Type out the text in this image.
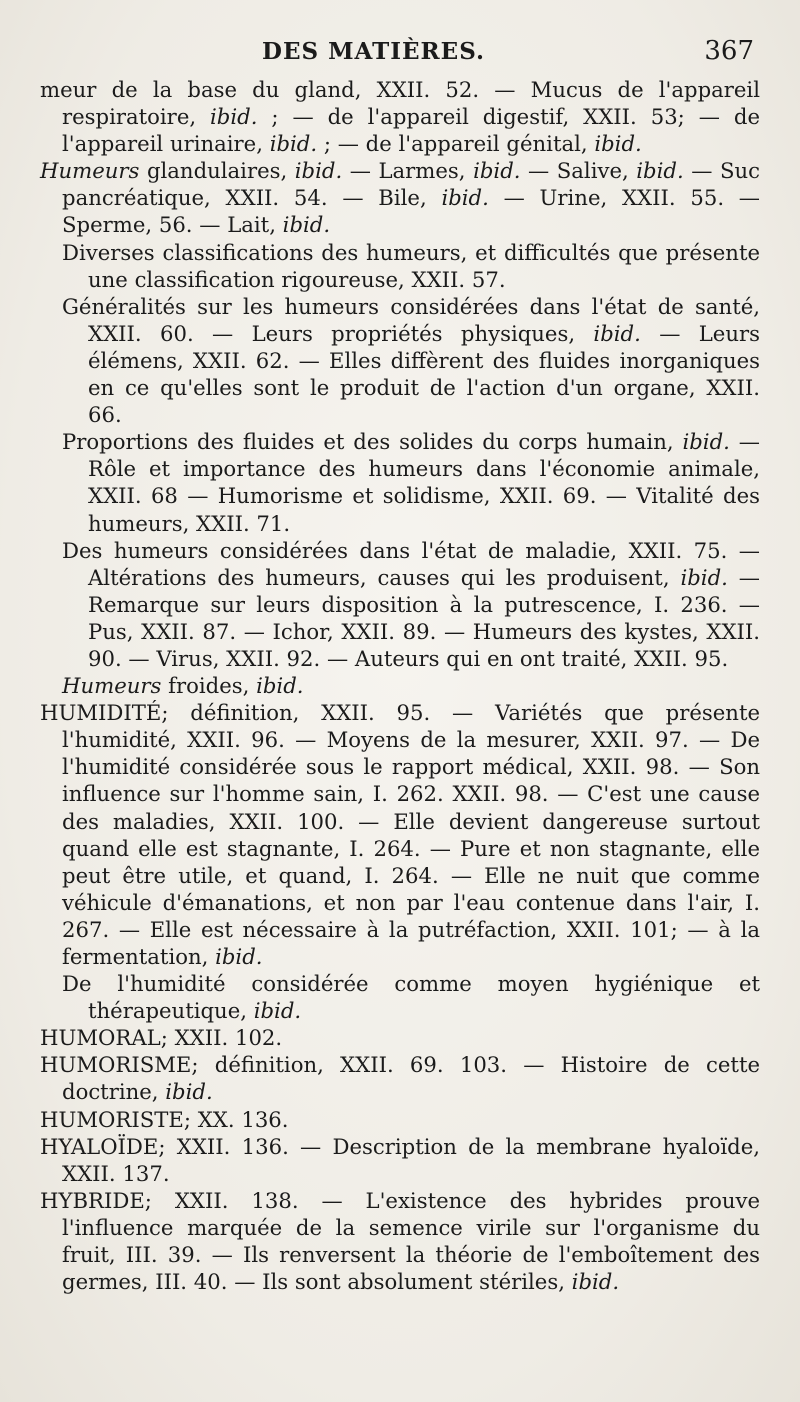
DES MATIÈRES.	367
meur de la base du gland, XXII. 52. — Mucus de l'appareil respiratoire, ibid. ; — de l'appareil digestif, XXII. 53; — de l'appareil urinaire, ibid. ; — de l'appareil génital, ibid.
Humeurs glandulaires, ibid. — Larmes, ibid. — Salive, ibid. — Suc pancréatique, XXII. 54. — Bile, ibid. — Urine, XXII. 55. — Sperme, 56. — Lait, ibid.
Diverses classifications des humeurs, et difficultés que présente une classification rigoureuse, XXII. 57.
Généralités sur les humeurs considérées dans l'état de santé, XXII. 60. — Leurs propriétés physiques, ibid. — Leurs élémens, XXII. 62. — Elles diffèrent des fluides inorganiques en ce qu'elles sont le produit de l'action d'un organe, XXII. 66.
Proportions des fluides et des solides du corps humain, ibid. — Rôle et importance des humeurs dans l'économie animale, XXII. 68 — Humorisme et solidisme, XXII. 69. — Vitalité des humeurs, XXII. 71.
Des humeurs considérées dans l'état de maladie, XXII. 75. — Altérations des humeurs, causes qui les produisent, ibid. — Remarque sur leurs disposition à la putrescence, I. 236. — Pus, XXII. 87. — Ichor, XXII. 89. — Humeurs des kystes, XXII. 90. — Virus, XXII. 92. — Auteurs qui en ont traité, XXII. 95.
Humeurs froides, ibid.
HUMIDITÉ; définition, XXII. 95. — Variétés que présente l'humidité, XXII. 96. — Moyens de la mesurer, XXII. 97. — De l'humidité considérée sous le rapport médical, XXII. 98. — Son influence sur l'homme sain, I. 262. XXII. 98. — C'est une cause des maladies, XXII. 100. — Elle devient dangereuse surtout quand elle est stagnante, I. 264. — Pure et non stagnante, elle peut être utile, et quand, I. 264. — Elle ne nuit que comme véhicule d'émanations, et non par l'eau contenue dans l'air, I. 267. — Elle est nécessaire à la putréfaction, XXII. 101; — à la fermentation, ibid.
De l'humidité considérée comme moyen hygiénique et thérapeutique, ibid.
HUMORAL; XXII. 102.
HUMORISME; définition, XXII. 69. 103. — Histoire de cette doctrine, ibid.
HUMORISTE; XX. 136.
HYALOÏDE; XXII. 136. — Description de la membrane hyaloïde, XXII. 137.
HYBRIDE; XXII. 138. — L'existence des hybrides prouve l'influence marquée de la semence virile sur l'organisme du fruit, III. 39. — Ils renversent la théorie de l'emboîtement des germes, III. 40. — Ils sont absolument stériles, ibid.
